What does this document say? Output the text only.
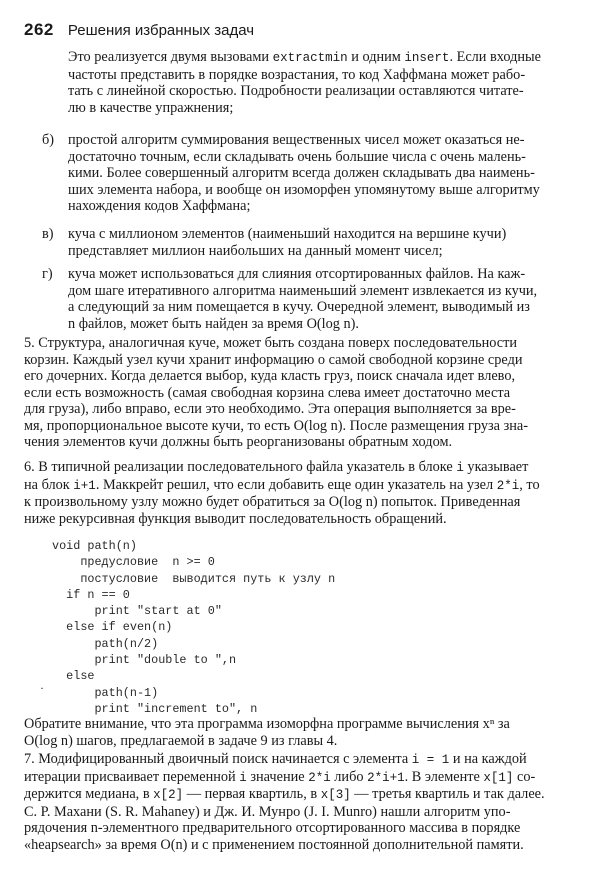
262 Решения избранных задач
Это реализуется двумя вызовами extractmin и одним insert. Если входные
частоты представить в порядке возрастания, то код Хаффмана может рабо-
тать с линейной скоростью. Подробности реализации оставляются читате-
лю в качестве упражнения;
б) простой алгоритм суммирования вещественных чисел может оказаться не-
достаточно точным, если складывать очень большие числа с очень малень-
кими. Более совершенный алгоритм всегда должен складывать два наимень-
ших элемента набора, и вообще он изоморфен упомянутому выше алгоритму
нахождения кодов Хаффмана;
в) куча с миллионом элементов (наименьший находится на вершине кучи)
представляет миллион наибольших на данный момент чисел;
г) куча может использоваться для слияния отсортированных файлов. На каж-
дом шаге итеративного алгоритма наименьший элемент извлекается из кучи,
а следующий за ним помещается в кучу. Очередной элемент, выводимый из
n файлов, может быть найден за время O(log n).
5. Структура, аналогичная куче, может быть создана поверх последовательности
корзин. Каждый узел кучи хранит информацию о самой свободной корзине среди
его дочерних. Когда делается выбор, куда класть груз, поиск сначала идет влево,
если есть возможность (самая свободная корзина слева имеет достаточно места
для груза), либо вправо, если это необходимо. Эта операция выполняется за вре-
мя, пропорциональное высоте кучи, то есть O(log n). После размещения груза зна-
чения элементов кучи должны быть реорганизованы обратным ходом.
6. В типичной реализации последовательного файла указатель в блоке i указывает
на блок i+1. Маккрейт решил, что если добавить еще один указатель на узел 2*i, то
к произвольному узлу можно будет обратиться за O(log n) попыток. Приведенная
ниже рекурсивная функция выводит последовательность обращений.
void path(n)
предусловие  n >= 0
постусловие  выводится путь к узлу n
if n == 0
print "start at 0"
else if even(n)
path(n/2)
print "double to ",n
else
path(n-1)
print "increment to", n
·
Обратите внимание, что эта программа изоморфна программе вычисления xⁿ за
O(log n) шагов, предлагаемой в задаче 9 из главы 4.
7. Модифицированный двоичный поиск начинается с элемента i = 1 и на каждой
итерации присваивает переменной i значение 2*i либо 2*i+1. В элементе x[1] со-
держится медиана, в x[2] — первая квартиль, в x[3] — третья квартиль и так далее.
С. Р. Махани (S. R. Mahaney) и Дж. И. Мунро (J. I. Munro) нашли алгоритм упо-
рядочения n-элементного предварительного отсортированного массива в порядке
«heapsearch» за время O(n) и с применением постоянной дополнительной памяти.
